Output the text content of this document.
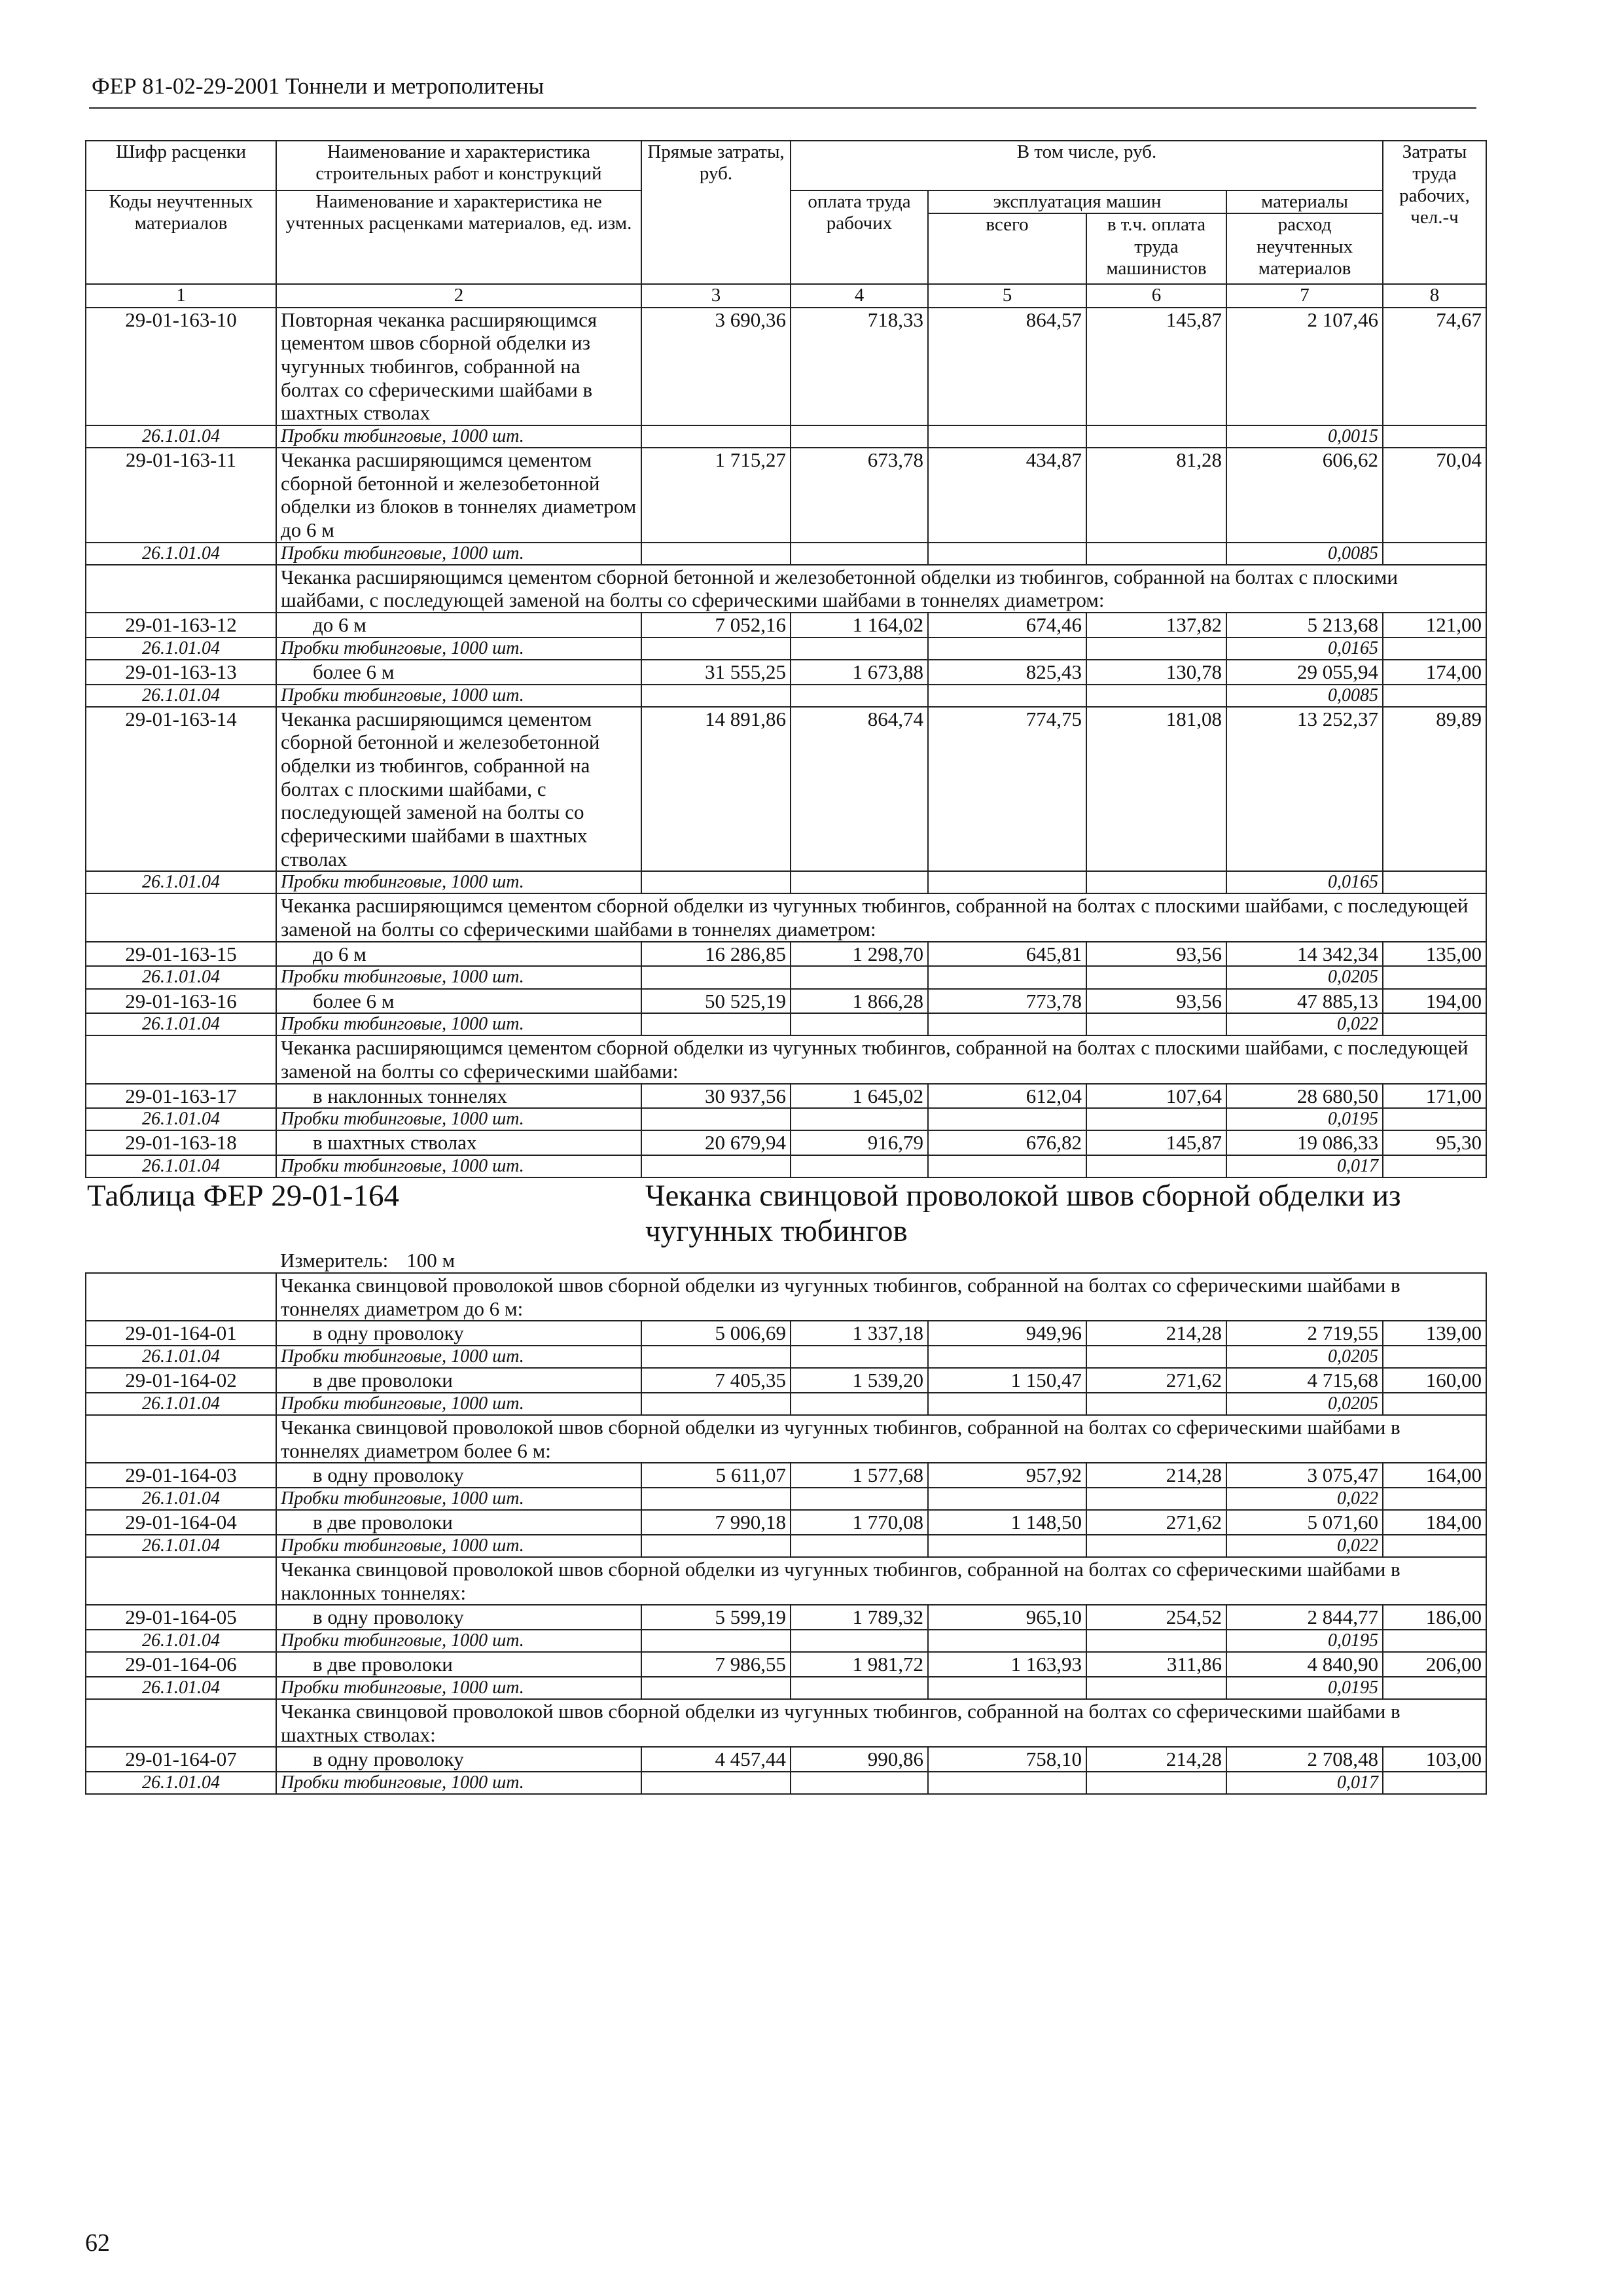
ФЕР 81-02-29-2001 Тоннели и метрополитены
Шифр расценки	Наименование и характеристика строительных работ и конструкций	Прямые затраты, руб.	В том числе, руб.				Затраты труда рабочих, чел.-ч
Коды неучтенных материалов	Наименование и характеристика не учтенных расценками материалов, ед. изм.		оплата труда рабочих	эксплуатация машин		материалы	
				всего	в т.ч. оплата труда машинистов	расход неучтенных материалов	
1	2	3	4	5	6	7	8
29-01-163-10	Повторная чеканка расширяющимся цементом швов сборной обделки из чугунных тюбингов, собранной на болтах со сферическими шайбами в шахтных стволах	3 690,36	718,33	864,57	145,87	2 107,46	74,67
26.1.01.04	Пробки тюбинговые, 1000 шт.					0,0015	
29-01-163-11	Чеканка расширяющимся цементом сборной бетонной и железобетонной обделки из блоков в тоннелях диаметром до 6 м	1 715,27	673,78	434,87	81,28	606,62	70,04
26.1.01.04	Пробки тюбинговые, 1000 шт.					0,0085	
	Чеканка расширяющимся цементом сборной бетонной и железобетонной обделки из тюбингов, собранной на болтах с плоскими шайбами, с последующей заменой на болты со сферическими шайбами в тоннелях диаметром:						
29-01-163-12	до 6 м	7 052,16	1 164,02	674,46	137,82	5 213,68	121,00
26.1.01.04	Пробки тюбинговые, 1000 шт.					0,0165	
29-01-163-13	более 6 м	31 555,25	1 673,88	825,43	130,78	29 055,94	174,00
26.1.01.04	Пробки тюбинговые, 1000 шт.					0,0085	
29-01-163-14	Чеканка расширяющимся цементом сборной бетонной и железобетонной обделки из тюбингов, собранной на болтах с плоскими шайбами, с последующей заменой на болты со сферическими шайбами в шахтных стволах	14 891,86	864,74	774,75	181,08	13 252,37	89,89
26.1.01.04	Пробки тюбинговые, 1000 шт.					0,0165	
	Чеканка расширяющимся цементом сборной обделки из чугунных тюбингов, собранной на болтах с плоскими шайбами, с последующей заменой на болты со сферическими шайбами в тоннелях диаметром:						
29-01-163-15	до 6 м	16 286,85	1 298,70	645,81	93,56	14 342,34	135,00
26.1.01.04	Пробки тюбинговые, 1000 шт.					0,0205	
29-01-163-16	более 6 м	50 525,19	1 866,28	773,78	93,56	47 885,13	194,00
26.1.01.04	Пробки тюбинговые, 1000 шт.					0,022	
	Чеканка расширяющимся цементом сборной обделки из чугунных тюбингов, собранной на болтах с плоскими шайбами, с последующей заменой на болты со сферическими шайбами:						
29-01-163-17	в наклонных тоннелях	30 937,56	1 645,02	612,04	107,64	28 680,50	171,00
26.1.01.04	Пробки тюбинговые, 1000 шт.					0,0195	
29-01-163-18	в шахтных стволах	20 679,94	916,79	676,82	145,87	19 086,33	95,30
26.1.01.04	Пробки тюбинговые, 1000 шт.					0,017	
Таблица ФЕР 29-01-164		Чеканка свинцовой проволокой швов сборной обделки из чугунных тюбингов					
	Измеритель: 100 м						
	Чеканка свинцовой проволокой швов сборной обделки из чугунных тюбингов, собранной на болтах со сферическими шайбами в тоннелях диаметром до 6 м:						
29-01-164-01	в одну проволоку	5 006,69	1 337,18	949,96	214,28	2 719,55	139,00
26.1.01.04	Пробки тюбинговые, 1000 шт.					0,0205	
29-01-164-02	в две проволоки	7 405,35	1 539,20	1 150,47	271,62	4 715,68	160,00
26.1.01.04	Пробки тюбинговые, 1000 шт.					0,0205	
	Чеканка свинцовой проволокой швов сборной обделки из чугунных тюбингов, собранной на болтах со сферическими шайбами в тоннелях диаметром более 6 м:						
29-01-164-03	в одну проволоку	5 611,07	1 577,68	957,92	214,28	3 075,47	164,00
26.1.01.04	Пробки тюбинговые, 1000 шт.					0,022	
29-01-164-04	в две проволоки	7 990,18	1 770,08	1 148,50	271,62	5 071,60	184,00
26.1.01.04	Пробки тюбинговые, 1000 шт.					0,022	
	Чеканка свинцовой проволокой швов сборной обделки из чугунных тюбингов, собранной на болтах со сферическими шайбами в наклонных тоннелях:						
29-01-164-05	в одну проволоку	5 599,19	1 789,32	965,10	254,52	2 844,77	186,00
26.1.01.04	Пробки тюбинговые, 1000 шт.					0,0195	
29-01-164-06	в две проволоки	7 986,55	1 981,72	1 163,93	311,86	4 840,90	206,00
26.1.01.04	Пробки тюбинговые, 1000 шт.					0,0195	
	Чеканка свинцовой проволокой швов сборной обделки из чугунных тюбингов, собранной на болтах со сферическими шайбами в шахтных стволах:						
29-01-164-07	в одну проволоку	4 457,44	990,86	758,10	214,28	2 708,48	103,00
26.1.01.04	Пробки тюбинговые, 1000 шт.					0,017	
62
